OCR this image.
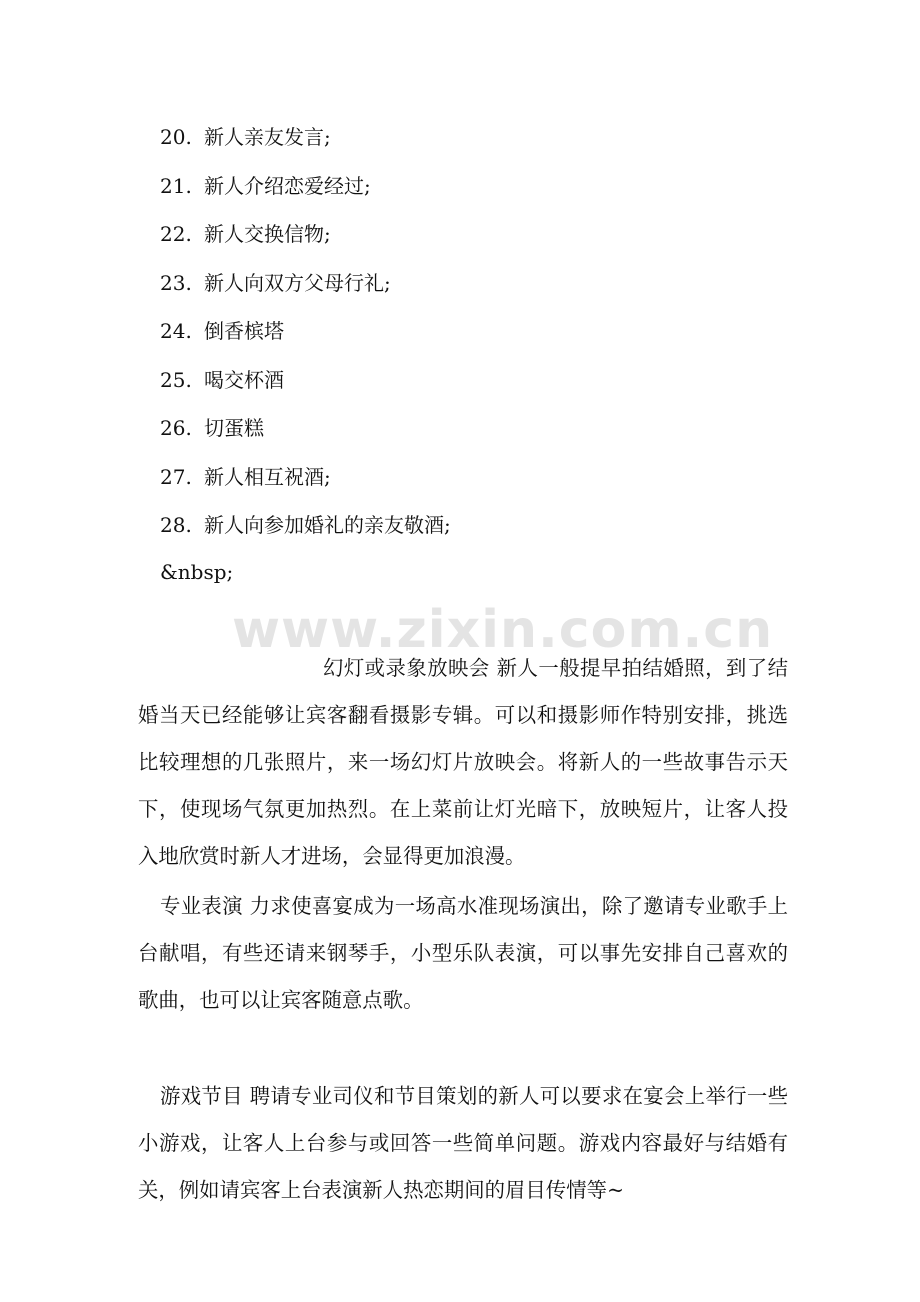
20. 新人亲友发言;
21. 新人介绍恋爱经过;
22. 新人交换信物;
23. 新人向双方父母行礼;
24. 倒香槟塔
25. 喝交杯酒
26. 切蛋糕
27. 新人相互祝酒;
28. 新人向参加婚礼的亲友敬酒;
&nbsp;
www.zixin.com.cn

幻灯或录象放映会 新人一般提早拍结婚照，到了结婚当天已经能够让宾客翻看摄影专辑。可以和摄影师作特别安排，挑选比较理想的几张照片，来一场幻灯片放映会。将新人的一些故事告示天下，使现场气氛更加热烈。在上菜前让灯光暗下，放映短片，让客人投入地欣赏时新人才进场，会显得更加浪漫。

专业表演 力求使喜宴成为一场高水准现场演出，除了邀请专业歌手上台献唱，有些还请来钢琴手，小型乐队表演，可以事先安排自己喜欢的歌曲，也可以让宾客随意点歌。

游戏节目 聘请专业司仪和节目策划的新人可以要求在宴会上举行一些小游戏，让客人上台参与或回答一些简单问题。游戏内容最好与结婚有关，例如请宾客上台表演新人热恋期间的眉目传情等~
